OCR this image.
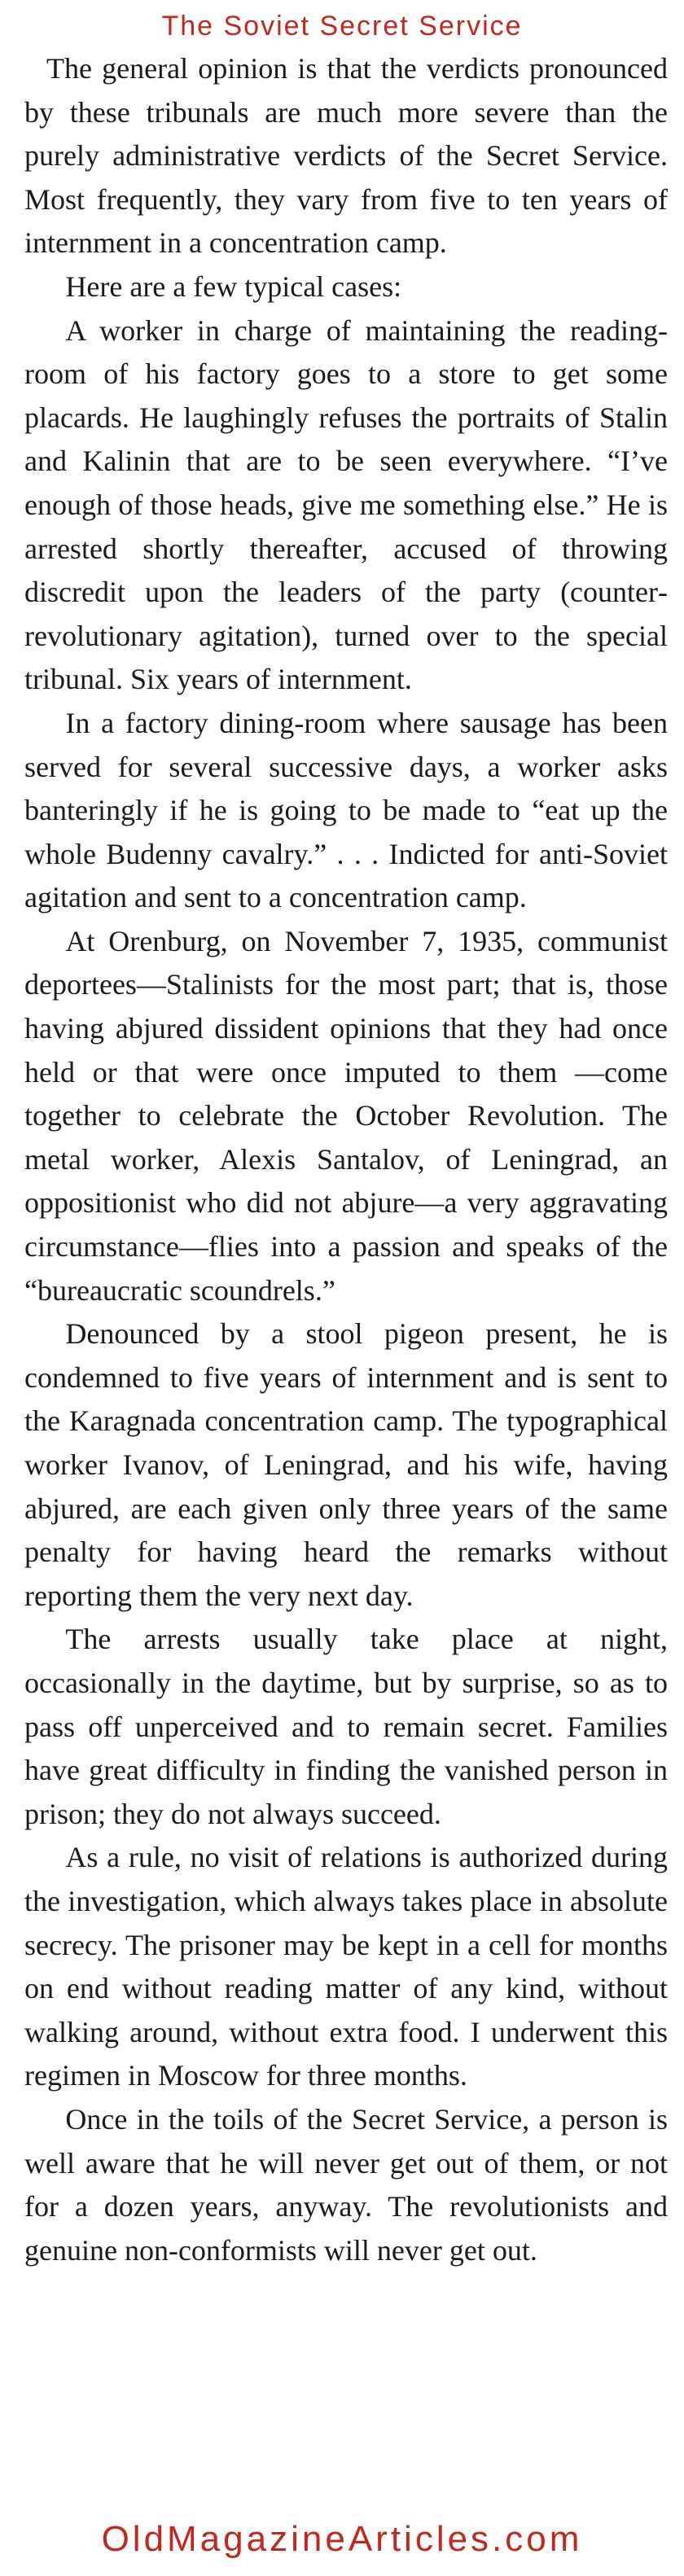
The Soviet Secret Service

The general opinion is that the verdicts pronounced by these tribunals are much more severe than the purely administrative verdicts of the Secret Service. Most frequently, they vary from five to ten years of internment in a concentration camp.

Here are a few typical cases:

A worker in charge of maintaining the reading-room of his factory goes to a store to get some placards. He laughingly refuses the portraits of Stalin and Kalinin that are to be seen everywhere. “I’ve enough of those heads, give me something else.” He is arrested shortly thereafter, accused of throwing discredit upon the leaders of the party (counterrevolutionary agitation), turned over to the special tribunal. Six years of internment.

In a factory dining-room where sausage has been served for several successive days, a worker asks banteringly if he is going to be made to “eat up the whole Budenny cavalry.” . . . Indicted for anti-Soviet agitation and sent to a concentration camp.

At Orenburg, on November 7, 1935, communist deportees—Stalinists for the most part; that is, those having abjured dissident opinions that they had once held or that were once imputed to them —come together to celebrate the October Revolution. The metal worker, Alexis Santalov, of Leningrad, an oppositionist who did not abjure—a very aggravating circumstance—flies into a passion and speaks of the “bureaucratic scoundrels.”

Denounced by a stool pigeon present, he is condemned to five years of internment and is sent to the Karagnada concentration camp. The typographical worker Ivanov, of Leningrad, and his wife, having abjured, are each given only three years of the same penalty for having heard the remarks without reporting them the very next day.

The arrests usually take place at night, occasionally in the daytime, but by surprise, so as to pass off unperceived and to remain secret. Families have great difficulty in finding the vanished person in prison; they do not always succeed.

As a rule, no visit of relations is authorized during the investigation, which always takes place in absolute secrecy. The prisoner may be kept in a cell for months on end without reading matter of any kind, without walking around, without extra food. I underwent this regimen in Moscow for three months.

Once in the toils of the Secret Service, a person is well aware that he will never get out of them, or not for a dozen years, anyway. The revolutionists and genuine non-conformists will never get out.

OldMagazineArticles.com
